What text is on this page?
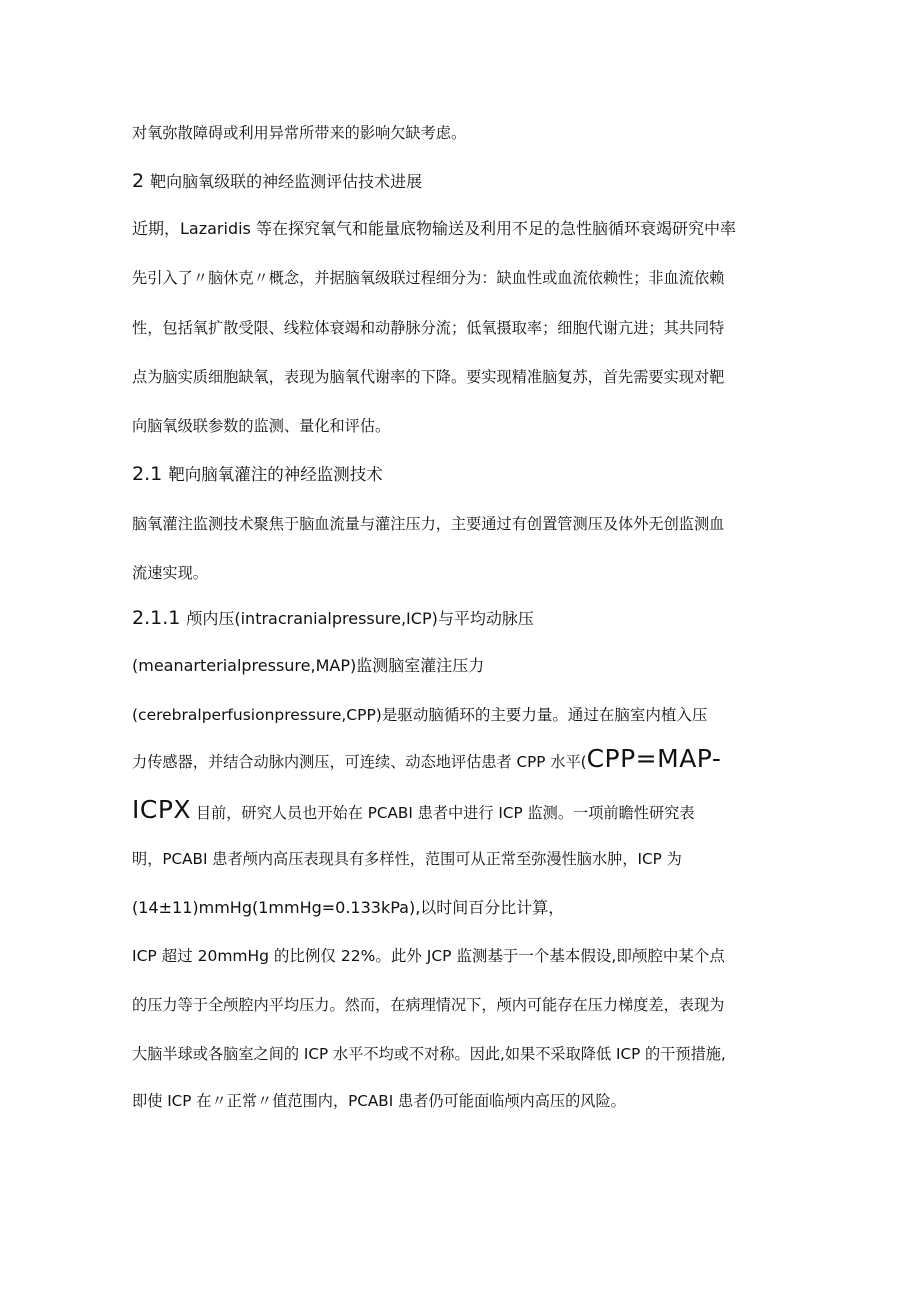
对氧弥散障碍或利用异常所带来的影响欠缺考虑。
2 靶向脑氧级联的神经监测评估技术进展
近期，Lazaridis 等在探究氧气和能量底物输送及利用不足的急性脑循环衰竭研究中率
先引入了〃脑休克〃概念，并据脑氧级联过程细分为：缺血性或血流依赖性；非血流依赖
性，包括氧扩散受限、线粒体衰竭和动静脉分流；低氧摄取率；细胞代谢亢进；其共同特
点为脑实质细胞缺氧，表现为脑氧代谢率的下降。要实现精准脑复苏，首先需要实现对靶
向脑氧级联参数的监测、量化和评估。
2.1 靶向脑氧灌注的神经监测技术
脑氧灌注监测技术聚焦于脑血流量与灌注压力，主要通过有创置管测压及体外无创监测血
流速实现。
2.1.1 颅内压(intracranialpressure,ICP)与平均动脉压
(meanarterialpressure,MAP)监测脑室灌注压力
(cerebralperfusionpressure,CPP)是驱动脑循环的主要力量。通过在脑室内植入压
力传感器，并结合动脉内测压，可连续、动态地评估患者 CPP 水平(CPP=MAP-
ICPX 目前，研究人员也开始在 PCABI 患者中进行 ICP 监测。一项前瞻性研究表
明，PCABI 患者颅内高压表现具有多样性，范围可从正常至弥漫性脑水肿，ICP 为
(14±11)mmHg(1mmHg=0.133kPa),以时间百分比计算，
ICP 超过 20mmHg 的比例仅 22%。此外 JCP 监测基于一个基本假设,即颅腔中某个点
的压力等于全颅腔内平均压力。然而，在病理情况下，颅内可能存在压力梯度差，表现为
大脑半球或各脑室之间的 ICP 水平不均或不对称。因此,如果不采取降低 ICP 的干预措施,
即使 ICP 在〃正常〃值范围内，PCABI 患者仍可能面临颅内高压的风险。
